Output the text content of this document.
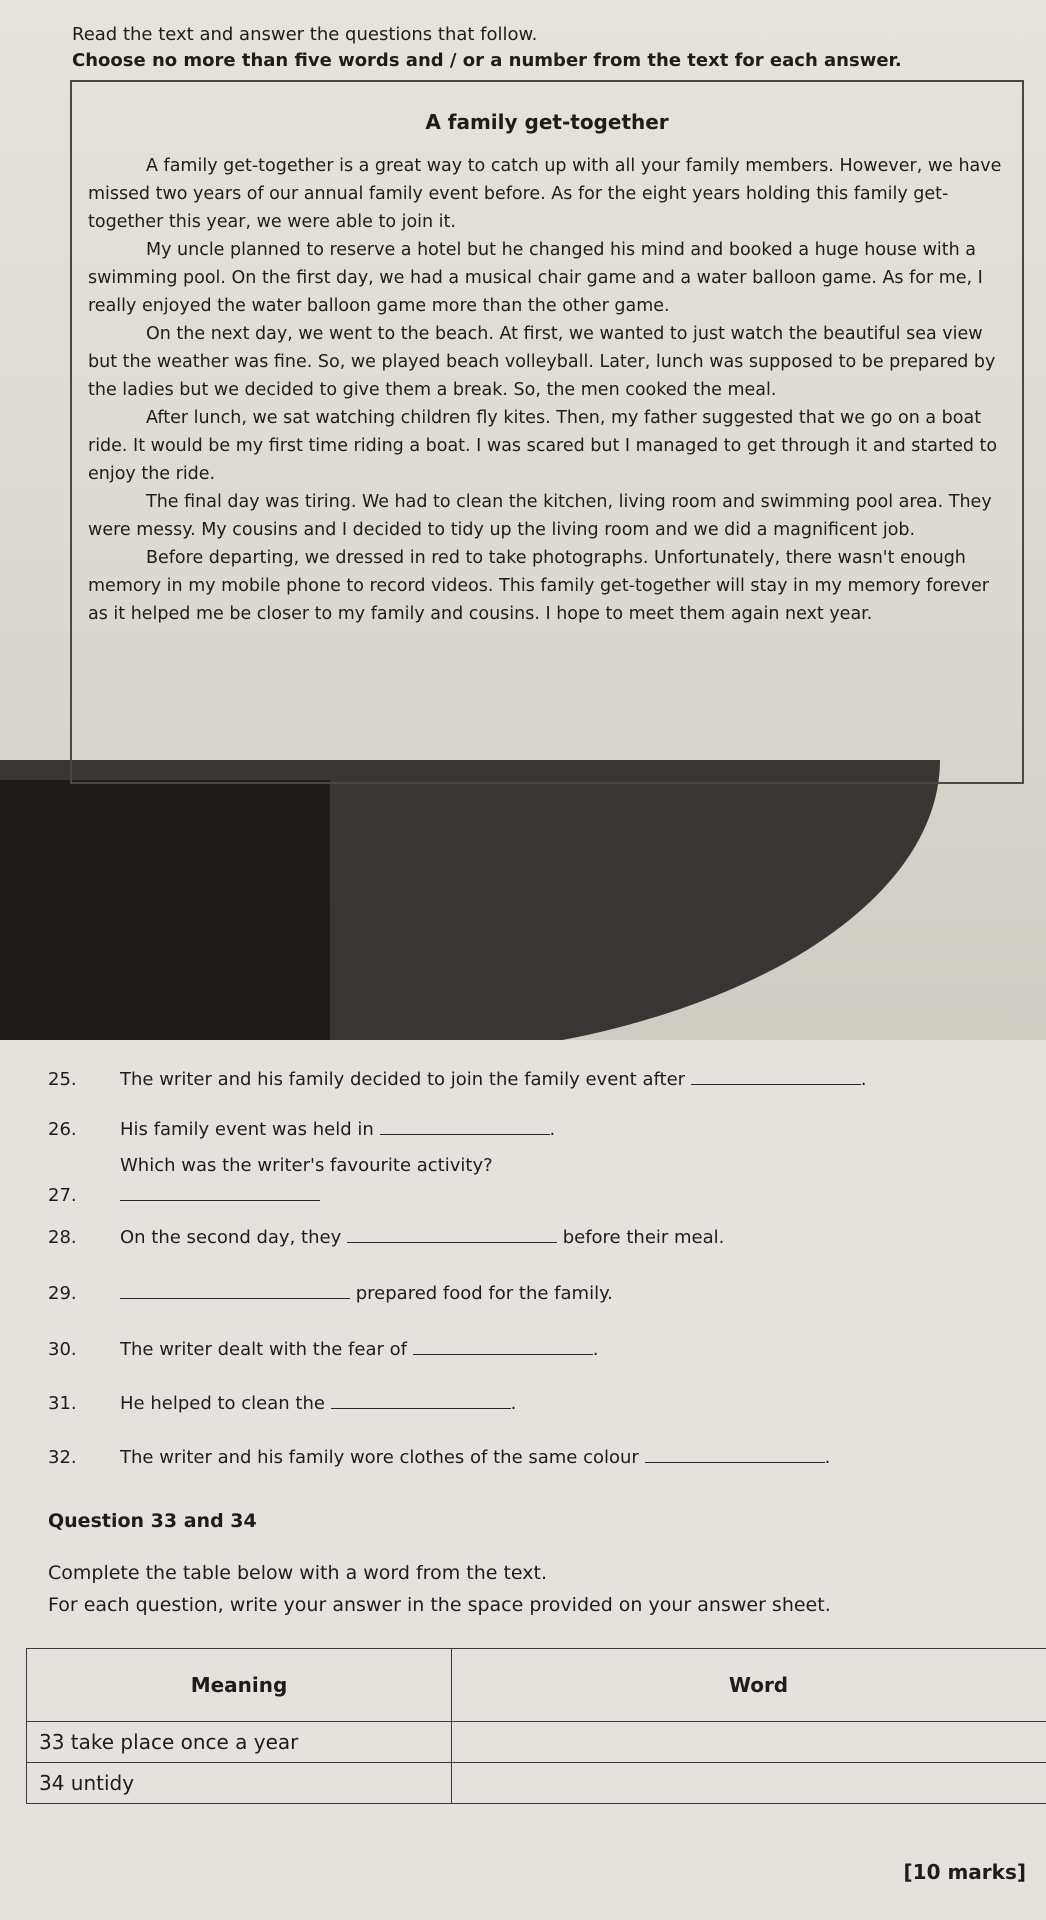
Read the text and answer the questions that follow.
Choose no more than five words and / or a number from the text for each answer.
A family get-together

A family get-together is a great way to catch up with all your family members. However, we have missed two years of our annual family event before. As for the eight years holding this family get-together this year, we were able to join it.

My uncle planned to reserve a hotel but he changed his mind and booked a huge house with a swimming pool. On the first day, we had a musical chair game and a water balloon game. As for me, I really enjoyed the water balloon game more than the other game.

On the next day, we went to the beach. At first, we wanted to just watch the beautiful sea view but the weather was fine. So, we played beach volleyball. Later, lunch was supposed to be prepared by the ladies but we decided to give them a break. So, the men cooked the meal.

After lunch, we sat watching children fly kites. Then, my father suggested that we go on a boat ride. It would be my first time riding a boat. I was scared but I managed to get through it and started to enjoy the ride.

The final day was tiring. We had to clean the kitchen, living room and swimming pool area. They were messy. My cousins and I decided to tidy up the living room and we did a magnificent job.

Before departing, we dressed in red to take photographs. Unfortunately, there wasn't enough memory in my mobile phone to record videos. This family get-together will stay in my memory forever as it helped me be closer to my family and cousins. I hope to meet them again next year.

25. The writer and his family decided to join the family event after	.
26. His family event was held in	.
Which was the writer's favourite activity?
27.
28. On the second day, they	before their meal.
29.	prepared food for the family.
30. The writer dealt with the fear of	.
31. He helped to clean the	.
32. The writer and his family wore clothes of the same colour	.
Question 33 and 34
Complete the table below with a word from the text.
For each question, write your answer in the space provided on your answer sheet.
Meaning	Word
33 take place once a year	
34 untidy	
[10 marks]
